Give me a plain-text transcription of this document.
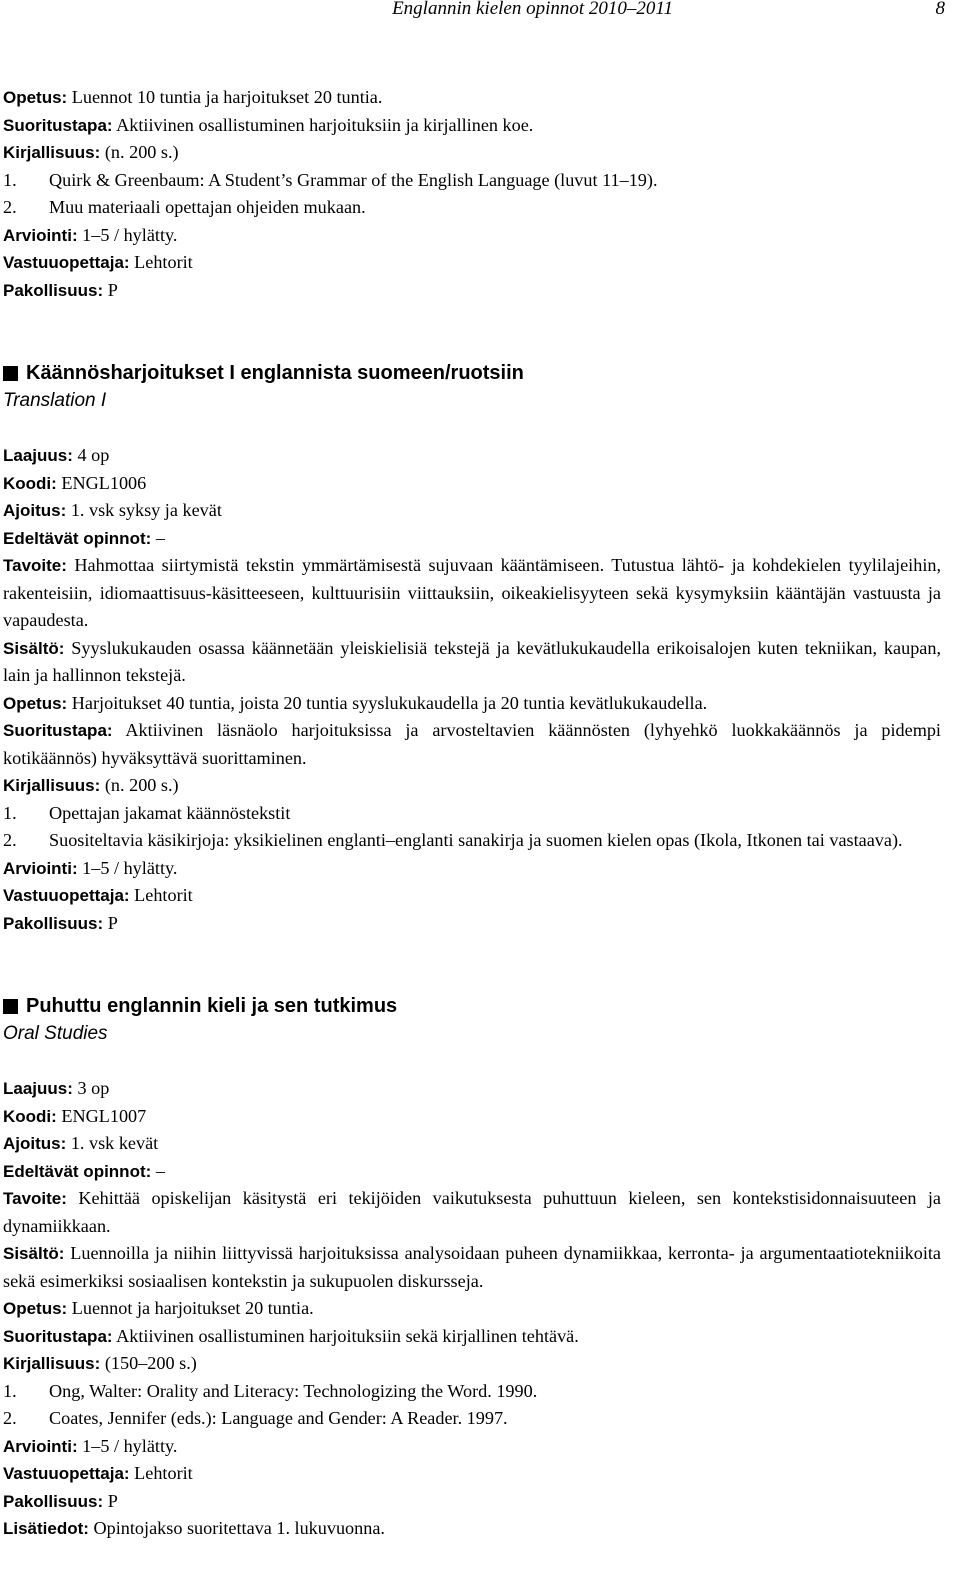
Englannin kielen opinnot 2010–2011	8

Opetus: Luennot 10 tuntia ja harjoitukset 20 tuntia.

Suoritustapa: Aktiivinen osallistuminen harjoituksiin ja kirjallinen koe.

Kirjallisuus: (n. 200 s.)

1. Quirk & Greenbaum: A Student’s Grammar of the English Language (luvut 11–19).

2. Muu materiaali opettajan ohjeiden mukaan.

Arviointi: 1–5 / hylätty.

Vastuuopettaja: Lehtorit

Pakollisuus: P

Käännösharjoitukset I englannista suomeen/ruotsiin
Translation I

Laajuus: 4 op

Koodi: ENGL1006

Ajoitus: 1. vsk syksy ja kevät

Edeltävät opinnot: –

Tavoite: Hahmottaa siirtymistä tekstin ymmärtämisestä sujuvaan kääntämiseen. Tutustua lähtö- ja kohdekielen tyylilajeihin, rakenteisiin, idiomaattisuus-käsitteeseen, kulttuurisiin viittauksiin, oikeakielisyyteen sekä kysymyksiin kääntäjän vastuusta ja vapaudesta.

Sisältö: Syyslukukauden osassa käännetään yleiskielisiä tekstejä ja kevätlukukaudella erikoisalojen kuten tekniikan, kaupan, lain ja hallinnon tekstejä.

Opetus: Harjoitukset 40 tuntia, joista 20 tuntia syyslukukaudella ja 20 tuntia kevätlukukaudella.

Suoritustapa: Aktiivinen läsnäolo harjoituksissa ja arvosteltavien käännösten (lyhyehkö luokkakäännös ja pidempi kotikäännös) hyväksyttävä suorittaminen.

Kirjallisuus: (n. 200 s.)

1. Opettajan jakamat käännöstekstit

2. Suositeltavia käsikirjoja: yksikielinen englanti–englanti sanakirja ja suomen kielen opas (Ikola, Itkonen tai vastaava).

Arviointi: 1–5 / hylätty.

Vastuuopettaja: Lehtorit

Pakollisuus: P

Puhuttu englannin kieli ja sen tutkimus
Oral Studies

Laajuus: 3 op

Koodi: ENGL1007

Ajoitus: 1. vsk kevät

Edeltävät opinnot: –

Tavoite: Kehittää opiskelijan käsitystä eri tekijöiden vaikutuksesta puhuttuun kieleen, sen kontekstisidonnaisuuteen ja dynamiikkaan.

Sisältö: Luennoilla ja niihin liittyvissä harjoituksissa analysoidaan puheen dynamiikkaa, kerronta- ja argumentaatiotekniikoita sekä esimerkiksi sosiaalisen kontekstin ja sukupuolen diskursseja.

Opetus: Luennot ja harjoitukset 20 tuntia.

Suoritustapa: Aktiivinen osallistuminen harjoituksiin sekä kirjallinen tehtävä.

Kirjallisuus: (150–200 s.)

1. Ong, Walter: Orality and Literacy: Technologizing the Word. 1990.

2. Coates, Jennifer (eds.): Language and Gender: A Reader. 1997.

Arviointi: 1–5 / hylätty.

Vastuuopettaja: Lehtorit

Pakollisuus: P

Lisätiedot: Opintojakso suoritettava 1. lukuvuonna.
